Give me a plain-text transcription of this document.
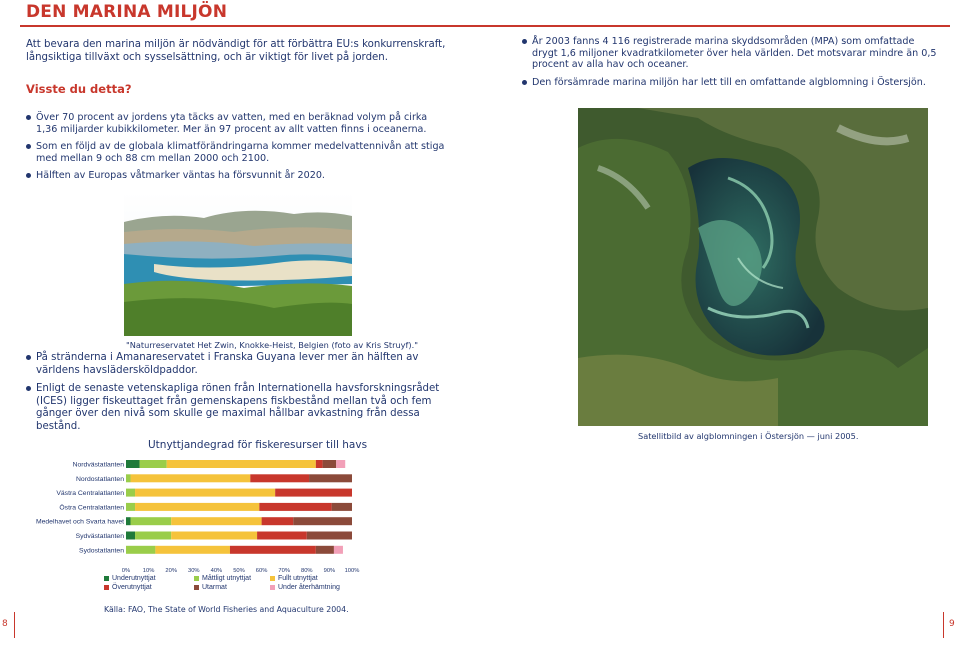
DEN MARINA MILJÖN

Att bevara den marina miljön är nödvändigt för att förbättra EU:s konkurrenskraft, långsiktiga tillväxt och sysselsättning, och är viktigt för livet på jorden.

Visste du detta?
Över 70 procent av jordens yta täcks av vatten, med en beräknad volym på cirka 1,36 miljarder kubikkilometer. Mer än 97 procent av allt vatten finns i oceanerna.
Som en följd av de globala klimatförändringarna kommer medelvattennivån att stiga med mellan 9 och 88 cm mellan 2000 och 2100.
Hälften av Europas våtmarker väntas ha försvunnit år 2020.
"Naturreservatet Het Zwin, Knokke-Heist, Belgien (foto av Kris Struyf)."
På stränderna i Amanareservatet i Franska Guyana lever mer än hälften av världens havslädersköldpaddor.
Enligt de senaste vetenskapliga rönen från Internationella havsforskningsrådet (ICES) ligger fiskeuttaget från gemenskapens fiskbestånd mellan två och fem gånger över den nivå som skulle ge maximal hållbar avkastning från dessa bestånd.
År 2003 fanns 4 116 registrerade marina skyddsområden (MPA) som omfattade drygt 1,6 miljoner kvadratkilometer över hela världen. Det motsvarar mindre än 0,5 procent av alla hav och oceaner.
Den försämrade marina miljön har lett till en omfattande algblomning i Östersjön.
Satellitbild av algblomningen i Östersjön — juni 2005.
Utnyttjandegrad för fiskeresurser till havs
Nordvästatlanten
Nordostatlanten
Västra Centralatlanten
Östra Centralatlanten
Medelhavet och Svarta havet
Sydvästatlanten
Sydostatlanten
0% 10% 20% 30% 40% 50% 60% 70% 80% 90% 100%
Underutnyttjat	Måttligt utnyttjat	Fullt utnyttjat
Överutnyttjat	Utarmat	Under återhämtning
Källa: FAO, The State of World Fisheries and Aquaculture 2004.
8	9
